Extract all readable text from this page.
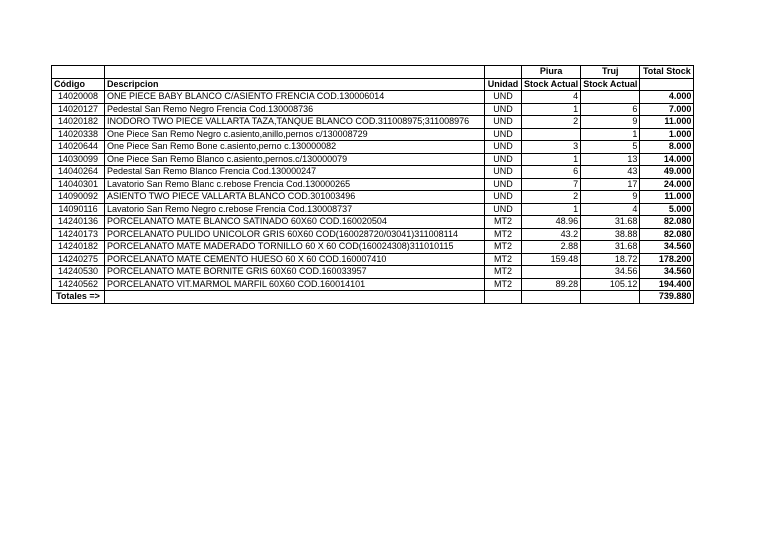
			Piura	Truj	Total Stock
Código	Descripcion	Unidad	Stock Actual	Stock Actual	
14020008	ONE PIECE BABY BLANCO C/ASIENTO FRENCIA COD.130006014	UND	4		4.000
14020127	Pedestal San Remo Negro Frencia Cod.130008736	UND	1	6	7.000
14020182	INODORO TWO PIECE VALLARTA TAZA,TANQUE BLANCO COD.311008975;311008976	UND	2	9	11.000
14020338	One Piece San Remo Negro c.asiento,anillo,pernos c/130008729	UND		1	1.000
14020644	One Piece San Remo Bone c.asiento,perno c.130000082	UND	3	5	8.000
14030099	One Piece San Remo Blanco c.asiento,pernos.c/130000079	UND	1	13	14.000
14040264	Pedestal San Remo Blanco Frencia Cod.130000247	UND	6	43	49.000
14040301	Lavatorio San Remo Blanc c.rebose Frencia Cod.130000265	UND	7	17	24.000
14090092	ASIENTO TWO PIECE VALLARTA BLANCO COD.301003496	UND	2	9	11.000
14090116	Lavatorio San Remo Negro c.rebose Frencia Cod.130008737	UND	1	4	5.000
14240136	PORCELANATO MATE BLANCO SATINADO 60X60 COD.160020504	MT2	48.96	31.68	82.080
14240173	PORCELANATO PULIDO UNICOLOR GRIS 60X60 COD(160028720/03041)311008114	MT2	43.2	38.88	82.080
14240182	PORCELANATO MATE MADERADO TORNILLO 60 X 60 COD(160024308)311010115	MT2	2.88	31.68	34.560
14240275	PORCELANATO MATE CEMENTO HUESO 60 X 60 COD.160007410	MT2	159.48	18.72	178.200
14240530	PORCELANATO MATE BORNITE GRIS 60X60 COD.160033957	MT2		34.56	34.560
14240562	PORCELANATO VIT.MARMOL MARFIL 60X60 COD.160014101	MT2	89.28	105.12	194.400
Totales =>					739.880
